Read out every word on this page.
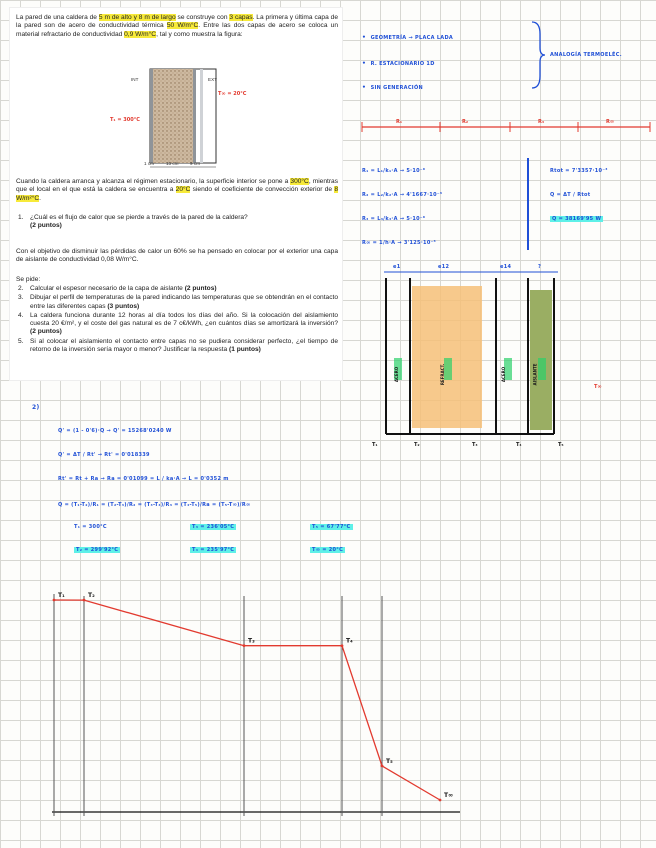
La pared de una caldera de 5 m de alto y 8 m de largo se construye con 3 capas. La primera y última capa de la pared son de acero de conductividad térmica 50 W/m°C. Entre las dos capas de acero se coloca un material refractario de conductividad 0,9 W/m°C, tal y como muestra la figura:

INT	EXT
T∞ = 20°C
T₁ = 300°C
1 cm	15 cm 9 cm

Cuando la caldera arranca y alcanza el régimen estacionario, la superficie interior se pone a 300°C, mientras que el local en el que está la caldera se encuentra a 20°C siendo el coeficiente de convección exterior de 8 W/m²°C.

1. ¿Cuál es el flujo de calor que se pierde a través de la pared de la caldera?
(2 puntos)

Con el objetivo de disminuir las pérdidas de calor un 60% se ha pensado en colocar por el exterior una capa de aislante de conductividad 0,08 W/m°C.

Se pide:

2. Calcular el espesor necesario de la capa de aislante (2 puntos)
3. Dibujar el perfil de temperaturas de la pared indicando las temperaturas que se obtendrán en el contacto entre las diferentes capas (3 puntos)
4. La caldera funciona durante 12 horas al día todos los días del año. Si la colocación del aislamiento cuesta 20 €/m², y el coste del gas natural es de 7 c€/kWh, ¿en cuántos días se amortizará la inversión? (2 puntos)
5. Si al colocar el aislamiento el contacto entre capas no se pudiera considerar perfecto, ¿el tiempo de retorno de la inversión sería mayor o menor? Justificar la respuesta (1 puntos)
• GEOMETRÍA → PLACA LADA
• R. ESTACIONARIO 1D
• SIN GENERACIÓN
ANALOGÍA TERMOELÉC.
R₁	R₂	R₃	R∞
R₁ = L₁/k₁·A → 5·10⁻⁶
R₂ = L₂/k₂·A → 4'1667·10⁻³
R₃ = L₃/k₃·A → 5·10⁻⁶
R∞ = 1/h·A → 3'125·10⁻³
Rtot = 7'3357·10⁻³
Q = ΔT / Rtot
Q = 38169'95 W
e1	e12	e14	?
ACERO	REFRACT.	ACERO	AISLANTE
T₁	T₂	T₃	T₄	T₅
T∞
2)
Q' = (1 - 0'6)·Q → Q' = 15268'0240 W
Q' = ΔT / Rt' → Rt' = 0'018339
Rt' = Rt + Ra → Ra = 0'01099 = L / ka·A → L = 0'0352 m
Q = (T₁-T₂)/R₁ = (T₂-T₃)/R₂ = (T₃-T₄)/R₃ = (T₄-T₅)/Ra = (T₅-T∞)/R∞
T₁ = 300°C
T₂ = 299'92°C
T₃ = 236'05°C
T₄ = 235'97°C
T₅ = 67'77°C
T∞ = 20°C
T₁	T₂
T₃	T₄
T₅
T∞
